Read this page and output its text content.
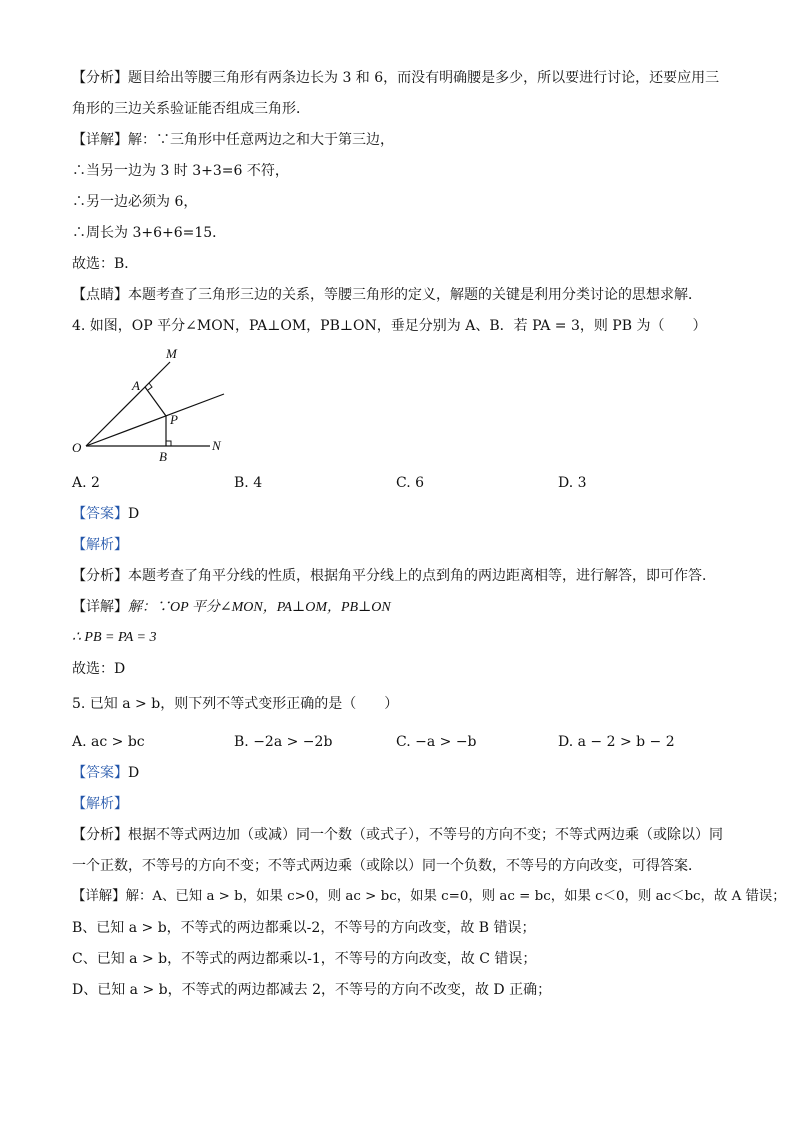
【分析】题目给出等腰三角形有两条边长为 3 和 6，而没有明确腰是多少，所以要进行讨论，还要应用三
角形的三边关系验证能否组成三角形．
【详解】解：∵三角形中任意两边之和大于第三边，
∴当另一边为 3 时 3+3=6 不符，
∴另一边必须为 6，
∴周长为 3+6+6=15．
故选：B．
【点睛】本题考查了三角形三边的关系，等腰三角形的定义，解题的关键是利用分类讨论的思想求解．
4. 如图，OP 平分∠MON，PA⊥OM，PB⊥ON，垂足分别为 A、B．若 PA = 3，则 PB 为（　　）
M
A
P
O
B
N
A. 2	B. 4	C. 6	D. 3
【答案】D
【解析】
【分析】本题考查了角平分线的性质，根据角平分线上的点到角的两边距离相等，进行解答，即可作答．
【详解】解：∵OP 平分∠MON，PA⊥OM，PB⊥ON
∴ PB = PA = 3
故选：D
5. 已知 a > b，则下列不等式变形正确的是（　　）
A. ac > bc	B. −2a > −2b	C. −a > −b	D. a − 2 > b − 2
【答案】D
【解析】
【分析】根据不等式两边加（或减）同一个数（或式子），不等号的方向不变；不等式两边乘（或除以）同
一个正数，不等号的方向不变；不等式两边乘（或除以）同一个负数，不等号的方向改变，可得答案．
【详解】解：A、已知 a > b，如果 c>0，则 ac > bc，如果 c=0，则 ac = bc，如果 c＜0，则 ac＜bc，故 A 错误；
B、已知 a > b，不等式的两边都乘以-2，不等号的方向改变，故 B 错误；
C、已知 a > b，不等式的两边都乘以-1，不等号的方向改变，故 C 错误；
D、已知 a > b，不等式的两边都减去 2，不等号的方向不改变，故 D 正确；
